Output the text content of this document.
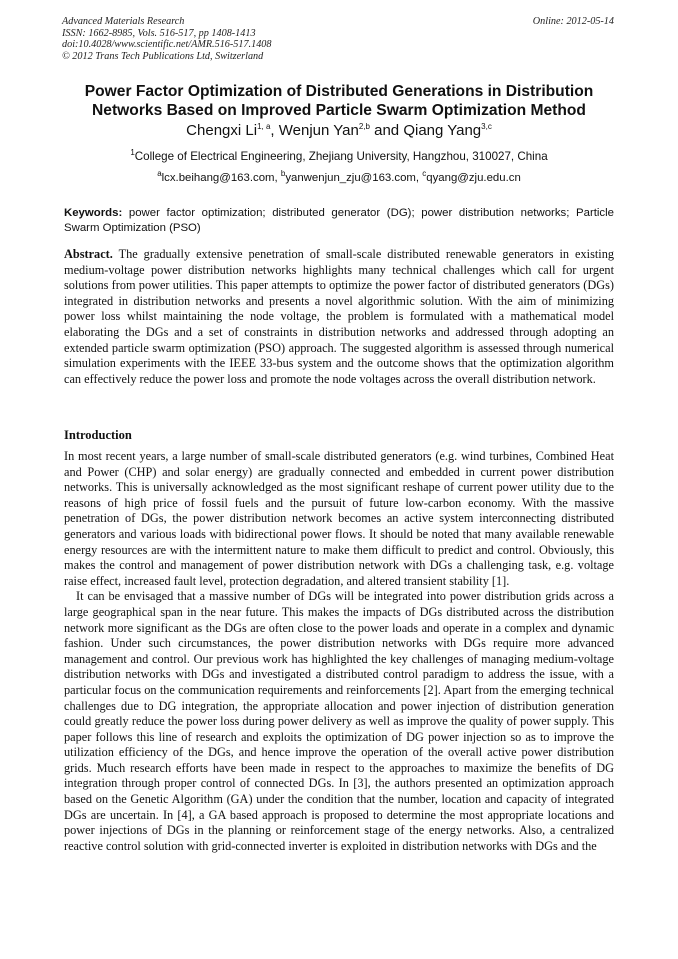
Advanced Materials Research
ISSN: 1662-8985, Vols. 516-517, pp 1408-1413
doi:10.4028/www.scientific.net/AMR.516-517.1408
© 2012 Trans Tech Publications Ltd, Switzerland
Online: 2012-05-14
Power Factor Optimization of Distributed Generations in Distribution
Networks Based on Improved Particle Swarm Optimization Method
Chengxi Li$^{1, a}$, Wenjun Yan$^{2,b}$ and Qiang Yang$^{3,c}$
$^1$College of Electrical Engineering, Zhejiang University, Hangzhou, 310027, China
$^a$lcx.beihang@163.com, $^b$yanwenjun_zju@163.com, $^c$qyang@zju.edu.cn
Keywords: power factor optimization; distributed generator (DG); power distribution networks; Particle Swarm Optimization (PSO)
Abstract. The gradually extensive penetration of small-scale distributed renewable generators in existing medium-voltage power distribution networks highlights many technical challenges which call for urgent solutions from power utilities. This paper attempts to optimize the power factor of distributed generators (DGs) integrated in distribution networks and presents a novel algorithmic solution. With the aim of minimizing power loss whilst maintaining the node voltage, the problem is formulated with a mathematical model elaborating the DGs and a set of constraints in distribution networks and addressed through adopting an extended particle swarm optimization (PSO) approach. The suggested algorithm is assessed through numerical simulation experiments with the IEEE 33-bus system and the outcome shows that the optimization algorithm can effectively reduce the power loss and promote the node voltages across the overall distribution network.
Introduction

In most recent years, a large number of small-scale distributed generators (e.g. wind turbines, Combined Heat and Power (CHP) and solar energy) are gradually connected and embedded in current power distribution networks. This is universally acknowledged as the most significant reshape of current power utility due to the reasons of high price of fossil fuels and the pursuit of future low-carbon economy. With the massive penetration of DGs, the power distribution network becomes an active system interconnecting distributed generators and various loads with bidirectional power flows. It should be noted that many available renewable energy resources are with the intermittent nature to make them difficult to predict and control. Obviously, this makes the control and management of power distribution network with DGs a challenging task, e.g. voltage raise effect, increased fault level, protection degradation, and altered transient stability [1].

It can be envisaged that a massive number of DGs will be integrated into power distribution grids across a large geographical span in the near future. This makes the impacts of DGs distributed across the distribution network more significant as the DGs are often close to the power loads and operate in a complex and dynamic fashion. Under such circumstances, the power distribution networks with DGs require more advanced management and control. Our previous work has highlighted the key challenges of managing medium-voltage distribution networks with DGs and investigated a distributed control paradigm to address the issue, with a particular focus on the communication requirements and reinforcements [2]. Apart from the emerging technical challenges due to DG integration, the appropriate allocation and power injection of distribution generation could greatly reduce the power loss during power delivery as well as improve the quality of power supply. This paper follows this line of research and exploits the optimization of DG power injection so as to improve the utilization efficiency of the DGs, and hence improve the operation of the overall active power distribution grids. Much research efforts have been made in respect to the approaches to maximize the benefits of DG integration through proper control of connected DGs. In [3], the authors presented an optimization approach based on the Genetic Algorithm (GA) under the condition that the number, location and capacity of integrated DGs are uncertain. In [4], a GA based approach is proposed to determine the most appropriate locations and power injections of DGs in the planning or reinforcement stage of the energy networks. Also, a centralized reactive control solution with grid-connected inverter is exploited in distribution networks with DGs and the
